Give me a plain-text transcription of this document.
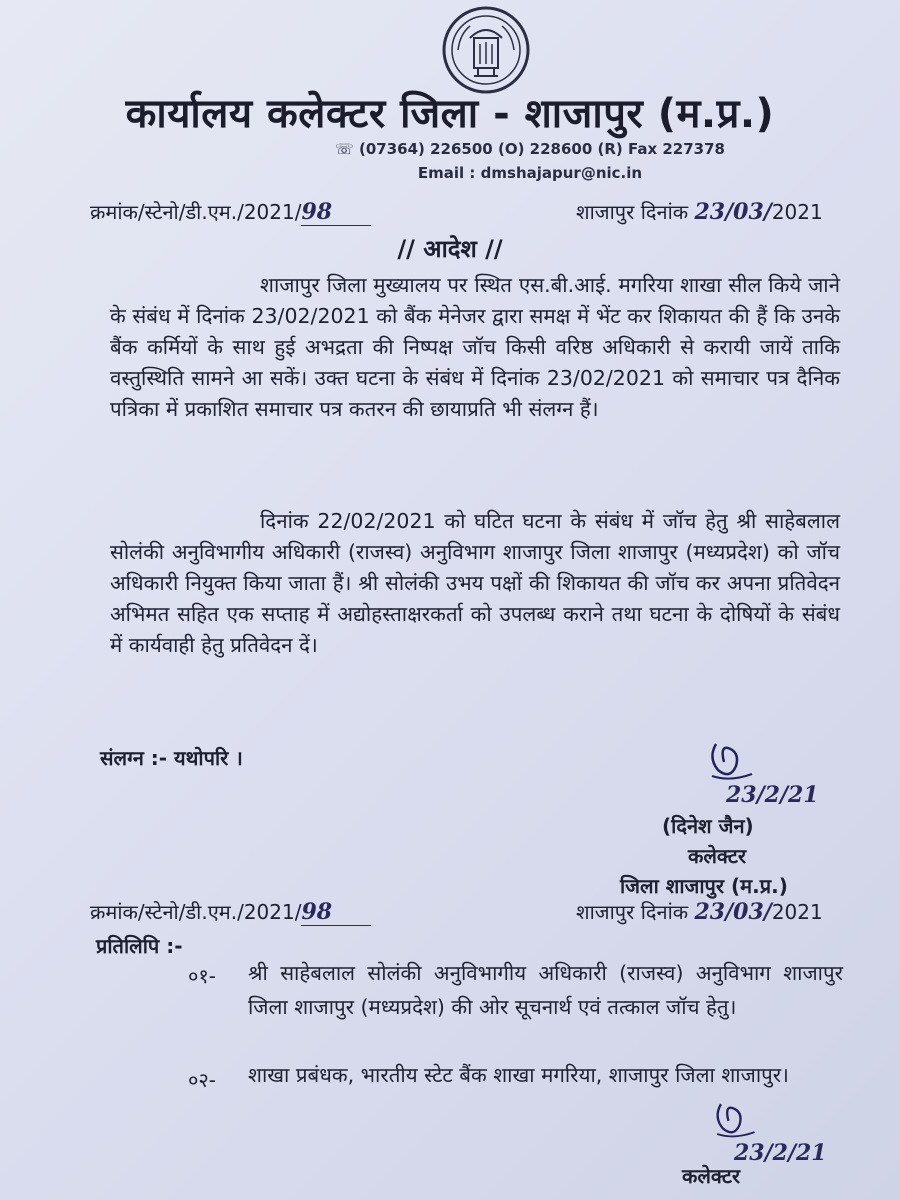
कार्यालय कलेक्टर जिला - शाजापुर (म.प्र.)
☏ (07364) 226500 (O) 228600 (R) Fax 227378
Email : dmshajapur@nic.in
क्रमांक/स्टेनो/डी.एम./2021/98	शाजापुर दिनांक 23/03/2021
// आदेश //

शाजापुर जिला मुख्यालय पर स्थित एस.बी.आई. मगरिया शाखा सील किये जाने के संबंध में दिनांक 23/02/2021 को बैंक मेनेजर द्वारा समक्ष में भेंट कर शिकायत की हैं कि उनके बैंक कर्मियों के साथ हुई अभद्रता की निष्पक्ष जॉच किसी वरिष्ठ अधिकारी से करायी जायें ताकि वस्तुस्थिति सामने आ सकें। उक्त घटना के संबंध में दिनांक 23/02/2021 को समाचार पत्र दैनिक पत्रिका में प्रकाशित समाचार पत्र कतरन की छायाप्रति भी संलग्न हैं।

दिनांक 22/02/2021 को घटित घटना के संबंध में जॉच हेतु श्री साहेबलाल सोलंकी अनुविभागीय अधिकारी (राजस्व) अनुविभाग शाजापुर जिला शाजापुर (मध्यप्रदेश) को जॉच अधिकारी नियुक्त किया जाता हैं। श्री सोलंकी उभय पक्षों की शिकायत की जॉच कर अपना प्रतिवेदन अभिमत सहित एक सप्ताह में अद्योहस्ताक्षरकर्ता को उपलब्ध कराने तथा घटना के दोषियों के संबंध में कार्यवाही हेतु प्रतिवेदन दें।

संलग्न :- यथोपरि ।
23/2/21
(दिनेश जैन)
कलेक्टर
जिला शाजापुर (म.प्र.)
क्रमांक/स्टेनो/डी.एम./2021/98	शाजापुर दिनांक 23/03/2021
प्रतिलिपि :-
०१- श्री साहेबलाल सोलंकी अनुविभागीय अधिकारी (राजस्व) अनुविभाग शाजापुर जिला शाजापुर (मध्यप्रदेश) की ओर सूचनार्थ एवं तत्काल जॉच हेतु।

०२- शाखा प्रबंधक, भारतीय स्टेट बैंक शाखा मगरिया, शाजापुर जिला शाजापुर।

23/2/21
कलेक्टर
